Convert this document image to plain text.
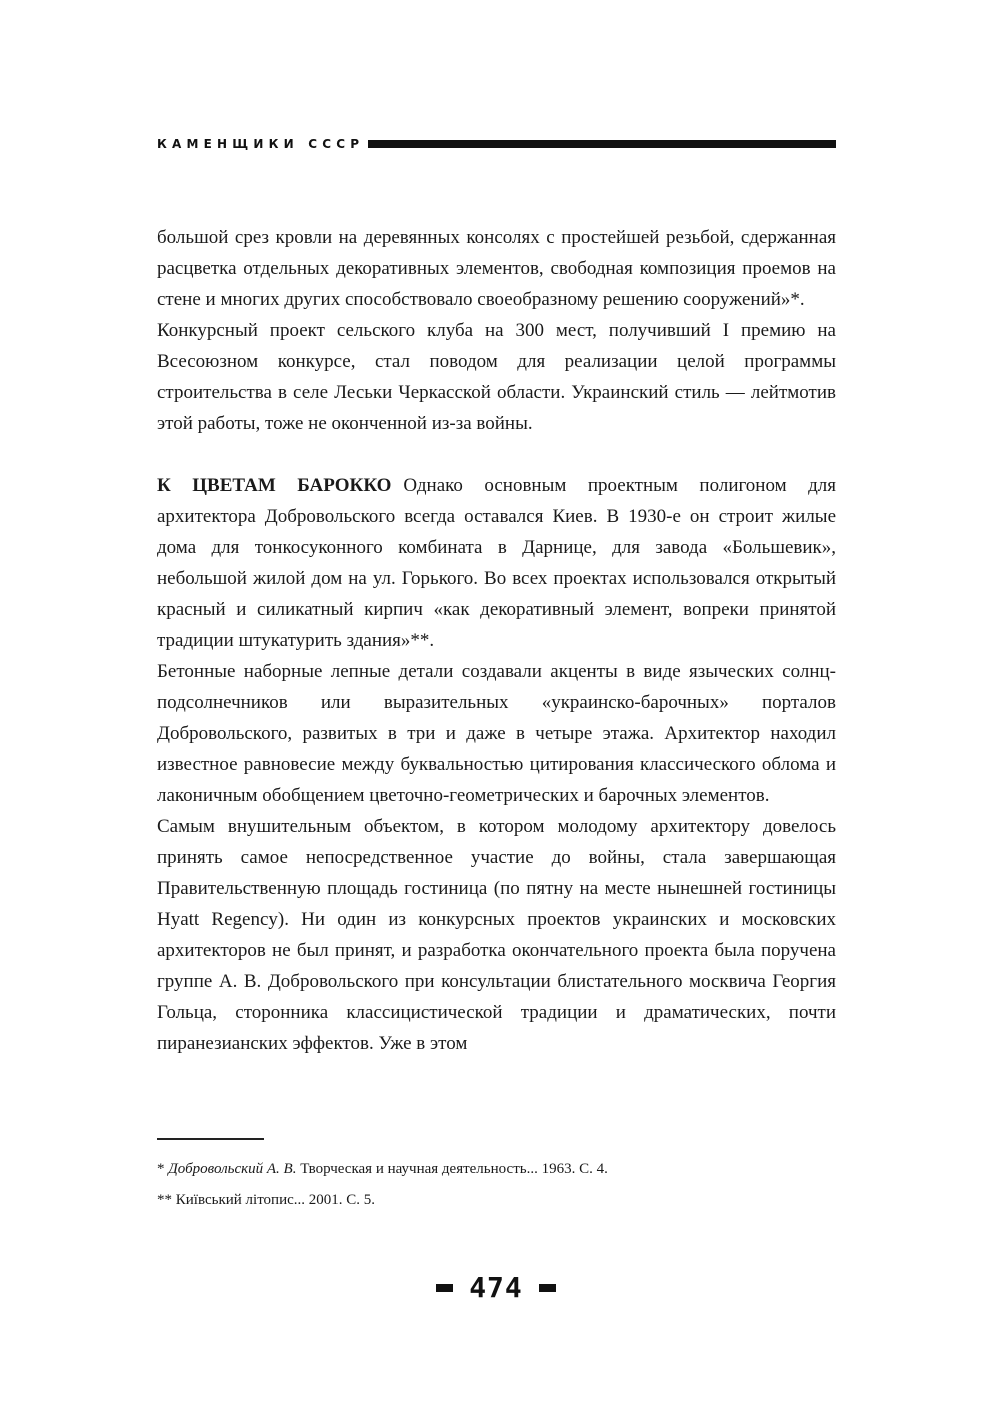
КАМЕНЩИКИ СССР

большой срез кровли на деревянных консолях с простейшей резьбой, сдержанная расцветка отдельных декоративных элементов, свободная композиция проемов на стене и многих других способствовало своеобразному решению сооружений»*.

Конкурсный проект сельского клуба на 300 мест, получивший I премию на Всесоюзном конкурсе, стал поводом для реализации целой программы строительства в селе Леськи Черкасской области. Украинский стиль — лейтмотив этой работы, тоже не оконченной из-за войны.

К ЦВЕТАМ БАРОККО Однако основным проектным полигоном для архитектора Добровольского всегда оставался Киев. В 1930-е он строит жилые дома для тонкосуконного комбината в Дарнице, для завода «Большевик», небольшой жилой дом на ул. Горького. Во всех проектах использовался открытый красный и силикатный кирпич «как декоративный элемент, вопреки принятой традиции штукатурить здания»**.

Бетонные наборные лепные детали создавали акценты в виде языческих солнц-подсолнечников или выразительных «украинско-барочных» порталов Добровольского, развитых в три и даже в четыре этажа. Архитектор находил известное равновесие между буквальностью цитирования классического облома и лаконичным обобщением цветочно-геометрических и барочных элементов.

Самым внушительным объектом, в котором молодому архитектору довелось принять самое непосредственное участие до войны, стала завершающая Правительственную площадь гостиница (по пятну на месте нынешней гостиницы Hyatt Regency). Ни один из конкурсных проектов украинских и московских архитекторов не был принят, и разработка окончательного проекта была поручена группе А. В. Добровольского при консультации блистательного москвича Георгия Гольца, сторонника классицистической традиции и драматических, почти пиранезианских эффектов. Уже в этом

* Добровольский А. В. Творческая и научная деятельность... 1963. С. 4.
** Київський літопис... 2001. С. 5.
474
